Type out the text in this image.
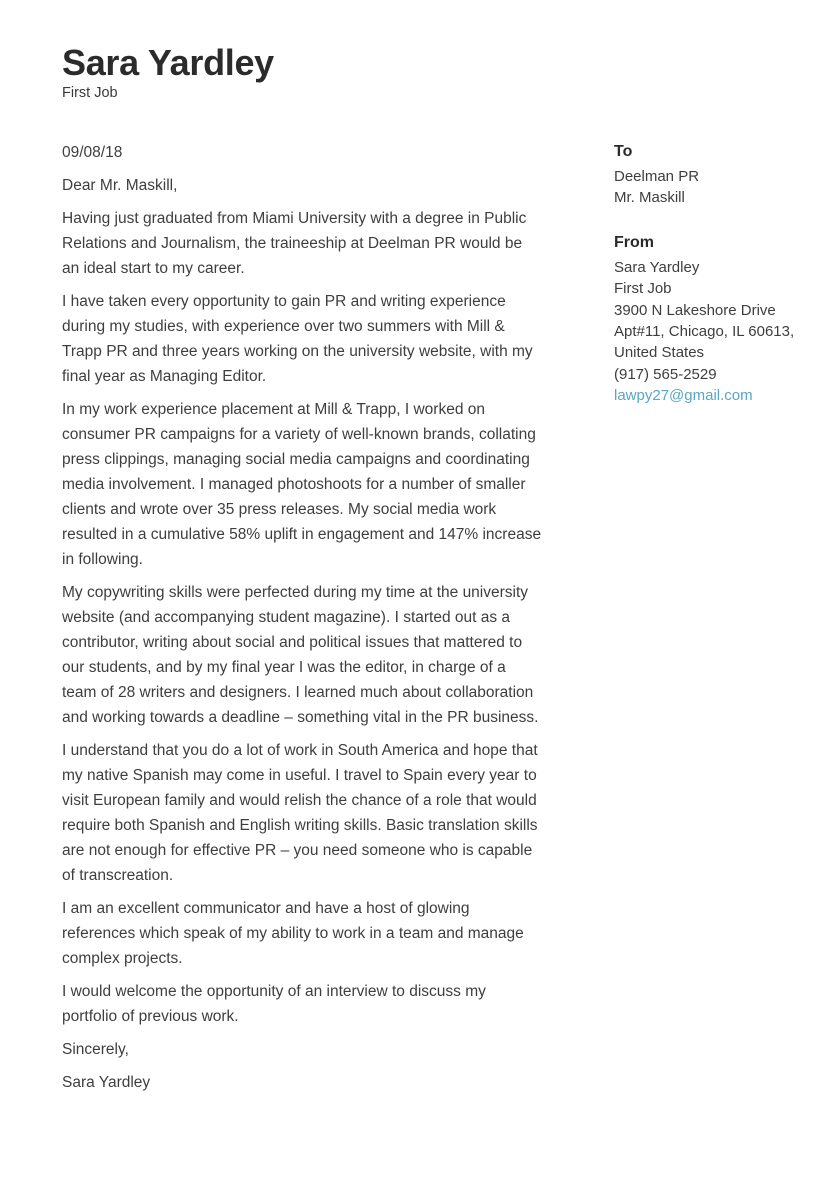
Sara Yardley
First Job

09/08/18

Dear Mr. Maskill,

Having just graduated from Miami University with a degree in Public Relations and Journalism, the traineeship at Deelman PR would be an ideal start to my career.

I have taken every opportunity to gain PR and writing experience during my studies, with experience over two summers with Mill & Trapp PR and three years working on the university website, with my final year as Managing Editor.

In my work experience placement at Mill & Trapp, I worked on consumer PR campaigns for a variety of well-known brands, collating press clippings, managing social media campaigns and coordinating media involvement. I managed photoshoots for a number of smaller clients and wrote over 35 press releases. My social media work resulted in a cumulative 58% uplift in engagement and 147% increase in following.

My copywriting skills were perfected during my time at the university website (and accompanying student magazine). I started out as a contributor, writing about social and political issues that mattered to our students, and by my final year I was the editor, in charge of a team of 28 writers and designers. I learned much about collaboration and working towards a deadline – something vital in the PR business.

I understand that you do a lot of work in South America and hope that my native Spanish may come in useful. I travel to Spain every year to visit European family and would relish the chance of a role that would require both Spanish and English writing skills. Basic translation skills are not enough for effective PR – you need someone who is capable of transcreation.

I am an excellent communicator and have a host of glowing references which speak of my ability to work in a team and manage complex projects.

I would welcome the opportunity of an interview to discuss my portfolio of previous work.

Sincerely,

Sara Yardley

To
Deelman PR
Mr. Maskill
From
Sara Yardley
First Job
3900 N Lakeshore Drive
Apt#11, Chicago, IL 60613,
United States
(917) 565-2529
lawpy27@gmail.com
